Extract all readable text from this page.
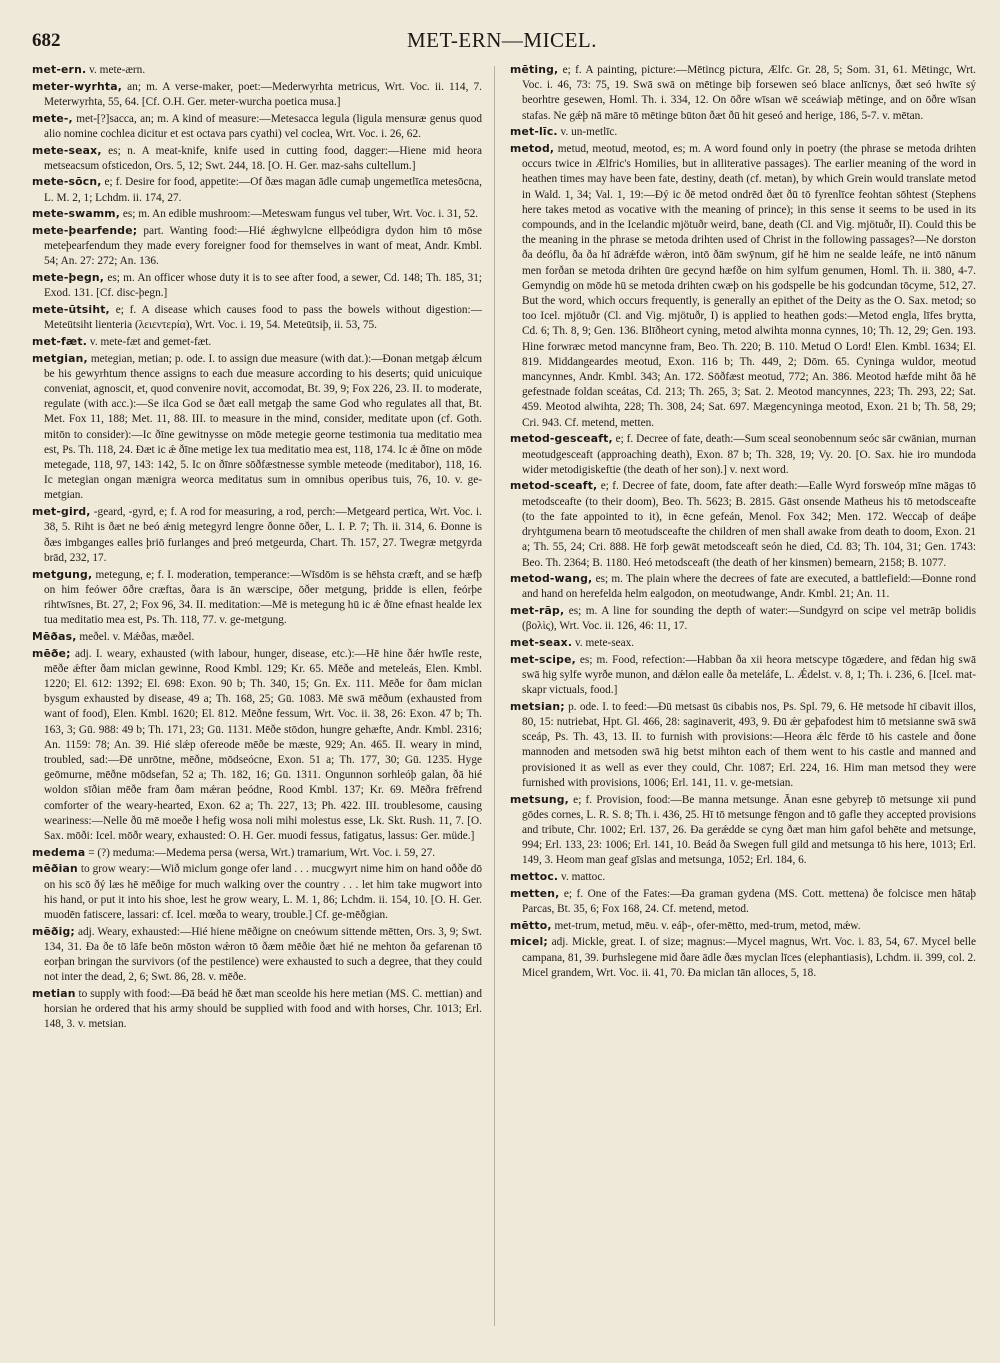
682	MET-ERN—MICEL.

met-ern. v. mete-ærn.

meter-wyrhta, an; m. A verse-maker, poet:—Mederwyrhta metricus, Wrt. Voc. ii. 114, 7. Meterwyrhta, 55, 64. [Cf. O.H. Ger. meter-wurcha poetica musa.]

mete-, met-[?]sacca, an; m. A kind of measure:—Metesacca legula (ligula mensuræ genus quod alio nomine cochlea dicitur et est octava pars cyathi) vel coclea, Wrt. Voc. i. 26, 62.

mete-seax, es; n. A meat-knife, knife used in cutting food, dagger:—Hiene mid heora metseacsum ofsticedon, Ors. 5, 12; Swt. 244, 18. [O. H. Ger. maz-sahs cultellum.]

mete-sōcn, e; f. Desire for food, appetite:—Of ðæs magan ādle cumaþ ungemetlīca metesōcna, L. M. 2, 1; Lchdm. ii. 174, 27.

mete-swamm, es; m. An edible mushroom:—Meteswam fungus vel tuber, Wrt. Voc. i. 31, 52.

mete-þearfende; part. Wanting food:—Hié ǽghwylcne ellþeódigra dydon him tō mōse meteþearfendum they made every foreigner food for themselves in want of meat, Andr. Kmbl. 54; An. 27: 272; An. 136.

mete-þegn, es; m. An officer whose duty it is to see after food, a sewer, Cd. 148; Th. 185, 31; Exod. 131. [Cf. disc-þegn.]

mete-ūtsiht, e; f. A disease which causes food to pass the bowels without digestion:—Meteūtsiht lienteria (λειεντερία), Wrt. Voc. i. 19, 54. Meteūtsiþ, ii. 53, 75.

met-fæt. v. mete-fæt and gemet-fæt.

metgian, metegian, metian; p. ode. I. to assign due measure (with dat.):—Ðonan metgaþ ǽlcum be his gewyrhtum thence assigns to each due measure according to his deserts; quid unicuique conveniat, agnoscit, et, quod convenire novit, accomodat, Bt. 39, 9; Fox 226, 23. II. to moderate, regulate (with acc.):—Se ilca God se ðæt eall metgaþ the same God who regulates all that, Bt. Met. Fox 11, 188; Met. 11, 88. III. to measure in the mind, consider, meditate upon (cf. Goth. mitōn to consider):—Ic ðīne gewitnysse on mōde metegie georne testimonia tua meditatio mea est, Ps. Th. 118, 24. Ðæt ic ǽ ðīne metige lex tua meditatio mea est, 118, 174. Ic ǽ ðīne on mōde metegade, 118, 97, 143: 142, 5. Ic on ðīnre sōðfæstnesse symble meteode (meditabor), 118, 16. Ic metegian ongan mænigra weorca meditatus sum in omnibus operibus tuis, 76, 10. v. ge-metgian.

met-gird, -geard, -gyrd, e; f. A rod for measuring, a rod, perch:—Metgeard pertica, Wrt. Voc. i. 38, 5. Riht is ðæt ne beó ǽnig metegyrd lengre ðonne ōðer, L. I. P. 7; Th. ii. 314, 6. Ðonne is ðæs imbganges ealles þriō furlanges and þreó metgeurda, Chart. Th. 157, 27. Twegræ metgyrda brād, 232, 17.

metgung, metegung, e; f. I. moderation, temperance:—Wīsdōm is se hēhsta cræft, and se hæfþ on him feówer ōðre cræftas, ðara is ān wærscipe, ōðer metgung, þridde is ellen, feórþe rihtwīsnes, Bt. 27, 2; Fox 96, 34. II. meditation:—Mē is metegung hū ic ǽ ðīne efnast healde lex tua meditatio mea est, Ps. Th. 118, 77. v. ge-metgung.

Mēðas, meðel. v. Mǽðas, mæðel.

mēðe; adj. I. weary, exhausted (with labour, hunger, disease, etc.):—Hē hine ðǽr hwīle reste, mēðe ǽfter ðam miclan gewinne, Rood Kmbl. 129; Kr. 65. Mēðe and meteleás, Elen. Kmbl. 1220; El. 612: 1392; El. 698: Exon. 90 b; Th. 340, 15; Gn. Ex. 111. Mēðe for ðam miclan bysgum exhausted by disease, 49 a; Th. 168, 25; Gū. 1083. Mē swā mēðum (exhausted from want of food), Elen. Kmbl. 1620; El. 812. Mēðne fessum, Wrt. Voc. ii. 38, 26: Exon. 47 b; Th. 163, 3; Gū. 988: 49 b; Th. 171, 23; Gū. 1131. Mēðe stōdon, hungre gehæfte, Andr. Kmbl. 2316; An. 1159: 78; An. 39. Hié slǽp ofereode mēðe be mæste, 929; An. 465. II. weary in mind, troubled, sad:—Ðē unrōtne, mēðne, mōdseócne, Exon. 51 a; Th. 177, 30; Gū. 1235. Hyge geōmurne, mēðne mōdsefan, 52 a; Th. 182, 16; Gū. 1311. Ongunnon sorhleóþ galan, ðā hié woldon sīðian mēðe fram ðam mǽran þeódne, Rood Kmbl. 137; Kr. 69. Mēðra frēfrend comforter of the weary-hearted, Exon. 62 a; Th. 227, 13; Ph. 422. III. troublesome, causing weariness:—Nelle ðū mē moeðe ł hefig wosa noli mihi molestus esse, Lk. Skt. Rush. 11, 7. [O. Sax. mōði: Icel. mōðr weary, exhausted: O. H. Ger. muodi fessus, fatigatus, lassus: Ger. müde.]

medema = (?) meduma:—Medema persa (wersa, Wrt.) tramarium, Wrt. Voc. i. 59, 27.

mēðian to grow weary:—Wið miclum gonge ofer land . . . mucgwyrt nime him on hand oððe dō on his scō ðý læs hē mēðige for much walking over the country . . . let him take mugwort into his hand, or put it into his shoe, lest he grow weary, L. M. 1, 86; Lchdm. ii. 154, 10. [O. H. Ger. muodēn fatiscere, lassari: cf. Icel. mœða to weary, trouble.] Cf. ge-mēðgian.

mēðig; adj. Weary, exhausted:—Hié hiene mēðigne on cneówum sittende mētten, Ors. 3, 9; Swt. 134, 31. Ða ðe tō lāfe beōn mōston wǽron tō ðæm mēðie ðæt hié ne mehton ða gefarenan tō eorþan bringan the survivors (of the pestilence) were exhausted to such a degree, that they could not inter the dead, 2, 6; Swt. 86, 28. v. mēðe.

metian to supply with food:—Ðā beád hē ðæt man sceolde his here metian (MS. C. mettian) and horsian he ordered that his army should be supplied with food and with horses, Chr. 1013; Erl. 148, 3. v. metsian.

mēting, e; f. A painting, picture:—Mētincg pictura, Ælfc. Gr. 28, 5; Som. 31, 61. Mētingc, Wrt. Voc. i. 46, 73: 75, 19. Swā swā on mētinge biþ forsewen seó blace anlīcnys, ðæt seó hwīte sý beorhtre gesewen, Homl. Th. i. 334, 12. On ōðre wīsan wē sceáwiaþ mētinge, and on ōðre wīsan stafas. Ne gǽþ nā māre tō mētinge būton ðæt ðū hit geseó and herige, 186, 5-7. v. mētan.

met-līc. v. un-metlīc.

metod, metud, meotud, meotod, es; m. A word found only in poetry (the phrase se metoda drihten occurs twice in Ælfric's Homilies, but in alliterative passages). The earlier meaning of the word in heathen times may have been fate, destiny, death (cf. metan), by which Grein would translate metod in Wald. 1, 34; Val. 1, 19:—Ðý ic ðē metod ondrēd ðæt ðū tō fyrenlīce feohtan sōhtest (Stephens here takes metod as vocative with the meaning of prince); in this sense it seems to be used in its compounds, and in the Icelandic mjötuðr weird, bane, death (Cl. and Vig. mjötuðr, II). Could this be the meaning in the phrase se metoda drihten used of Christ in the following passages?—Ne dorston ða deóflu, ða ða hī ādrǽfde wǽron, intō ðām swȳnum, gif hē him ne sealde leáfe, ne intō nānum men forðan se metoda drihten ūre gecynd hæfðe on him sylfum genumen, Homl. Th. ii. 380, 4-7. Gemyndig on mōde hū se metoda drihten cwæþ on his godspelle be his godcundan tōcyme, 512, 27. But the word, which occurs frequently, is generally an epithet of the Deity as the O. Sax. metod; so too Icel. mjötuðr (Cl. and Vig. mjötuðr, I) is applied to heathen gods:—Metod engla, līfes brytta, Cd. 6; Th. 8, 9; Gen. 136. Blīðheort cyning, metod alwihta monna cynnes, 10; Th. 12, 29; Gen. 193. Hine forwræc metod mancynne fram, Beo. Th. 220; B. 110. Metud O Lord! Elen. Kmbl. 1634; El. 819. Middangeardes meotud, Exon. 116 b; Th. 449, 2; Dōm. 65. Cyninga wuldor, meotud mancynnes, Andr. Kmbl. 343; An. 172. Sōðfæst meotud, 772; An. 386. Meotod hæfde miht ðā hē gefestnade foldan sceátas, Cd. 213; Th. 265, 3; Sat. 2. Meotod mancynnes, 223; Th. 293, 22; Sat. 459. Meotod alwihta, 228; Th. 308, 24; Sat. 697. Mægencyninga meotod, Exon. 21 b; Th. 58, 29; Cri. 943. Cf. metend, metten.

metod-gesceaft, e; f. Decree of fate, death:—Sum sceal seonobennum seóc sār cwānian, murnan meotudgesceaft (approaching death), Exon. 87 b; Th. 328, 19; Vy. 20. [O. Sax. hie iro mundoda wider metodigiskeftie (the death of her son).] v. next word.

metod-sceaft, e; f. Decree of fate, doom, fate after death:—Ealle Wyrd forsweóp mīne māgas tō metodsceafte (to their doom), Beo. Th. 5623; B. 2815. Gāst onsende Matheus his tō metodsceafte (to the fate appointed to it), in ēcne gefeán, Menol. Fox 342; Men. 172. Weccaþ of deáþe dryhtgumena bearn tō meotudsceafte the children of men shall awake from death to doom, Exon. 21 a; Th. 55, 24; Cri. 888. Hē forþ gewāt metodsceaft seón he died, Cd. 83; Th. 104, 31; Gen. 1743: Beo. Th. 2364; B. 1180. Heó metodsceaft (the death of her kinsmen) bemearn, 2158; B. 1077.

metod-wang, es; m. The plain where the decrees of fate are executed, a battlefield:—Ðonne rond and hand on herefelda helm ealgodon, on meotudwange, Andr. Kmbl. 21; An. 11.

met-rāp, es; m. A line for sounding the depth of water:—Sundgyrd on scipe vel metrāp bolidis (βολὶς), Wrt. Voc. ii. 126, 46: 11, 17.

met-seax. v. mete-seax.

met-scipe, es; m. Food, refection:—Habban ða xii heora metscype tōgædere, and fēdan hig swā swā hig sylfe wyrðe munon, and dǽlon ealle ða meteláfe, L. Ǽdelst. v. 8, 1; Th. i. 236, 6. [Icel. mat-skapr victuals, food.]

metsian; p. ode. I. to feed:—Ðū metsast ūs cibabis nos, Ps. Spl. 79, 6. Hē metsode hī cibavit illos, 80, 15: nutriebat, Hpt. Gl. 466, 28: saginaverit, 493, 9. Ðū ǽr geþafodest him tō metsianne swā swā sceáp, Ps. Th. 43, 13. II. to furnish with provisions:—Heora ǽlc fērde tō his castele and ðone mannoden and metsoden swā hig betst mihton each of them went to his castle and manned and provisioned it as well as ever they could, Chr. 1087; Erl. 224, 16. Him man metsod they were furnished with provisions, 1006; Erl. 141, 11. v. ge-metsian.

metsung, e; f. Provision, food:—Be manna metsunge. Ānan esne gebyreþ tō metsunge xii pund gōdes cornes, L. R. S. 8; Th. i. 436, 25. Hī tō metsunge fēngon and tō gafle they accepted provisions and tribute, Chr. 1002; Erl. 137, 26. Ða gerǽdde se cyng ðæt man him gafol behēte and metsunge, 994; Erl. 133, 23: 1006; Erl. 141, 10. Beád ða Swegen full gild and metsunga tō his here, 1013; Erl. 149, 3. Heom man geaf gīslas and metsunga, 1052; Erl. 184, 6.

mettoc. v. mattoc.

metten, e; f. One of the Fates:—Ða graman gydena (MS. Cott. mettena) ðe folcisce men hātaþ Parcas, Bt. 35, 6; Fox 168, 24. Cf. metend, metod.

mētto, met-trum, metud, mēu. v. eáþ-, ofer-mētto, med-trum, metod, mǽw.

micel; adj. Mickle, great. I. of size; magnus:—Mycel magnus, Wrt. Voc. i. 83, 54, 67. Mycel belle campana, 81, 39. Þurhslegene mid ðare ādle ðæs myclan līces (elephantiasis), Lchdm. ii. 399, col. 2. Micel grandem, Wrt. Voc. ii. 41, 70. Ða miclan tān alloces, 5, 18.
